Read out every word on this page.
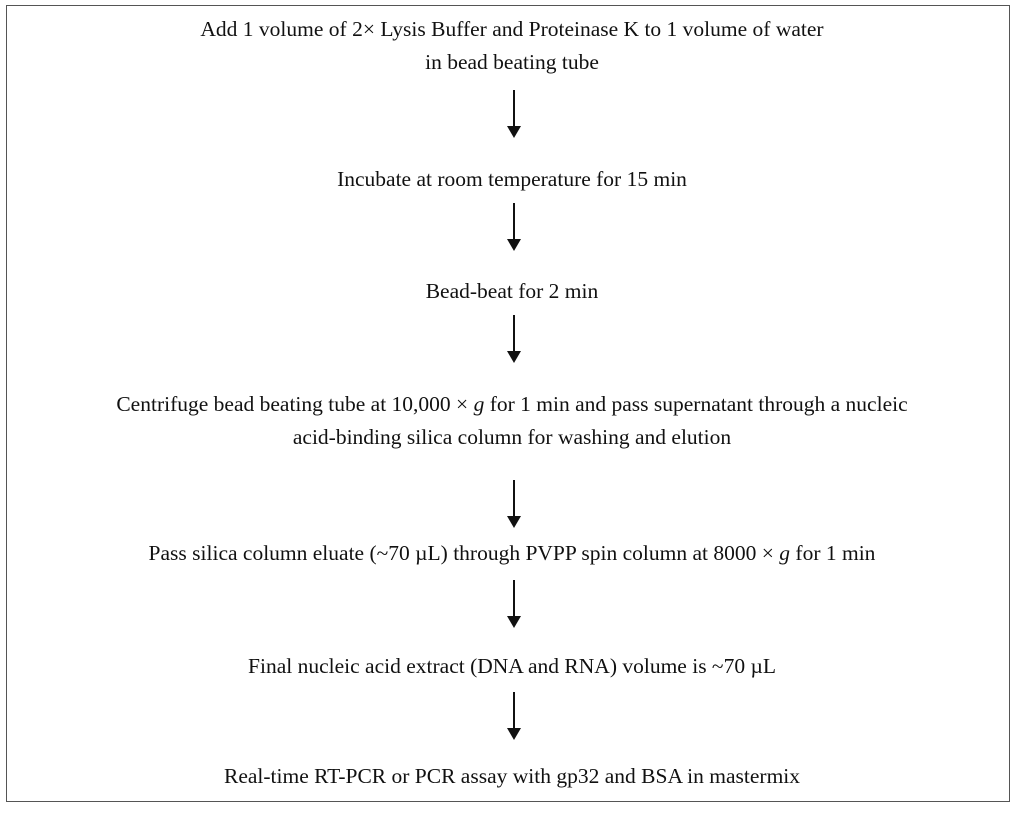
Add 1 volume of 2× Lysis Buffer and Proteinase K to 1 volume of water
in bead beating tube
Incubate at room temperature for 15 min
Bead-beat for 2 min
Centrifuge bead beating tube at 10,000 × g for 1 min and pass supernatant through a nucleic
acid-binding silica column for washing and elution
Pass silica column eluate (~70 µL) through PVPP spin column at 8000 × g for 1 min
Final nucleic acid extract (DNA and RNA) volume is ~70 µL
Real-time RT-PCR or PCR assay with gp32 and BSA in mastermix
